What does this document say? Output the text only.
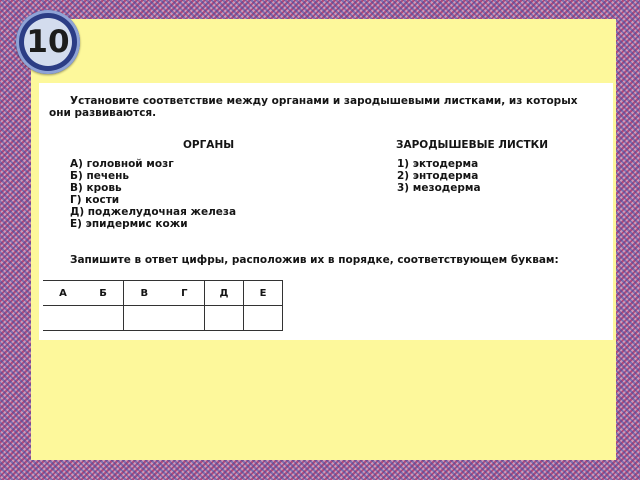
10
Установите соответствие между органами и зародышевыми листками, из которых
они развиваются.
ОРГАНЫ	ЗАРОДЫШЕВЫЕ ЛИСТКИ
А) головной мозг
Б) печень
В) кровь
Г) кости
Д) поджелудочная железа
Е) эпидермис кожи
1) эктодерма
2) энтодерма
3) мезодерма
Запишите в ответ цифры, расположив их в порядке, соответствующем буквам:
А Б	В Г	Д	Е
